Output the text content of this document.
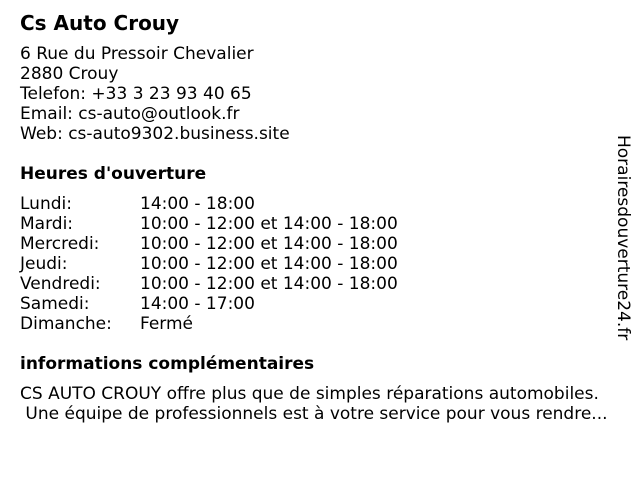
Cs Auto Crouy
6 Rue du Pressoir Chevalier
2880 Crouy
Telefon: +33 3 23 93 40 65
Email: cs-auto@outlook.fr
Web: cs-auto9302.business.site
Heures d'ouverture
Lundi:	14:00 - 18:00
Mardi:	10:00 - 12:00 et 14:00 - 18:00
Mercredi:	10:00 - 12:00 et 14:00 - 18:00
Jeudi:	10:00 - 12:00 et 14:00 - 18:00
Vendredi:	10:00 - 12:00 et 14:00 - 18:00
Samedi:	14:00 - 17:00
Dimanche:	Fermé
informations complémentaires
CS AUTO CROUY offre plus que de simples réparations automobiles.
Une équipe de professionnels est à votre service pour vous rendre...
Horairesdouverture24.fr
